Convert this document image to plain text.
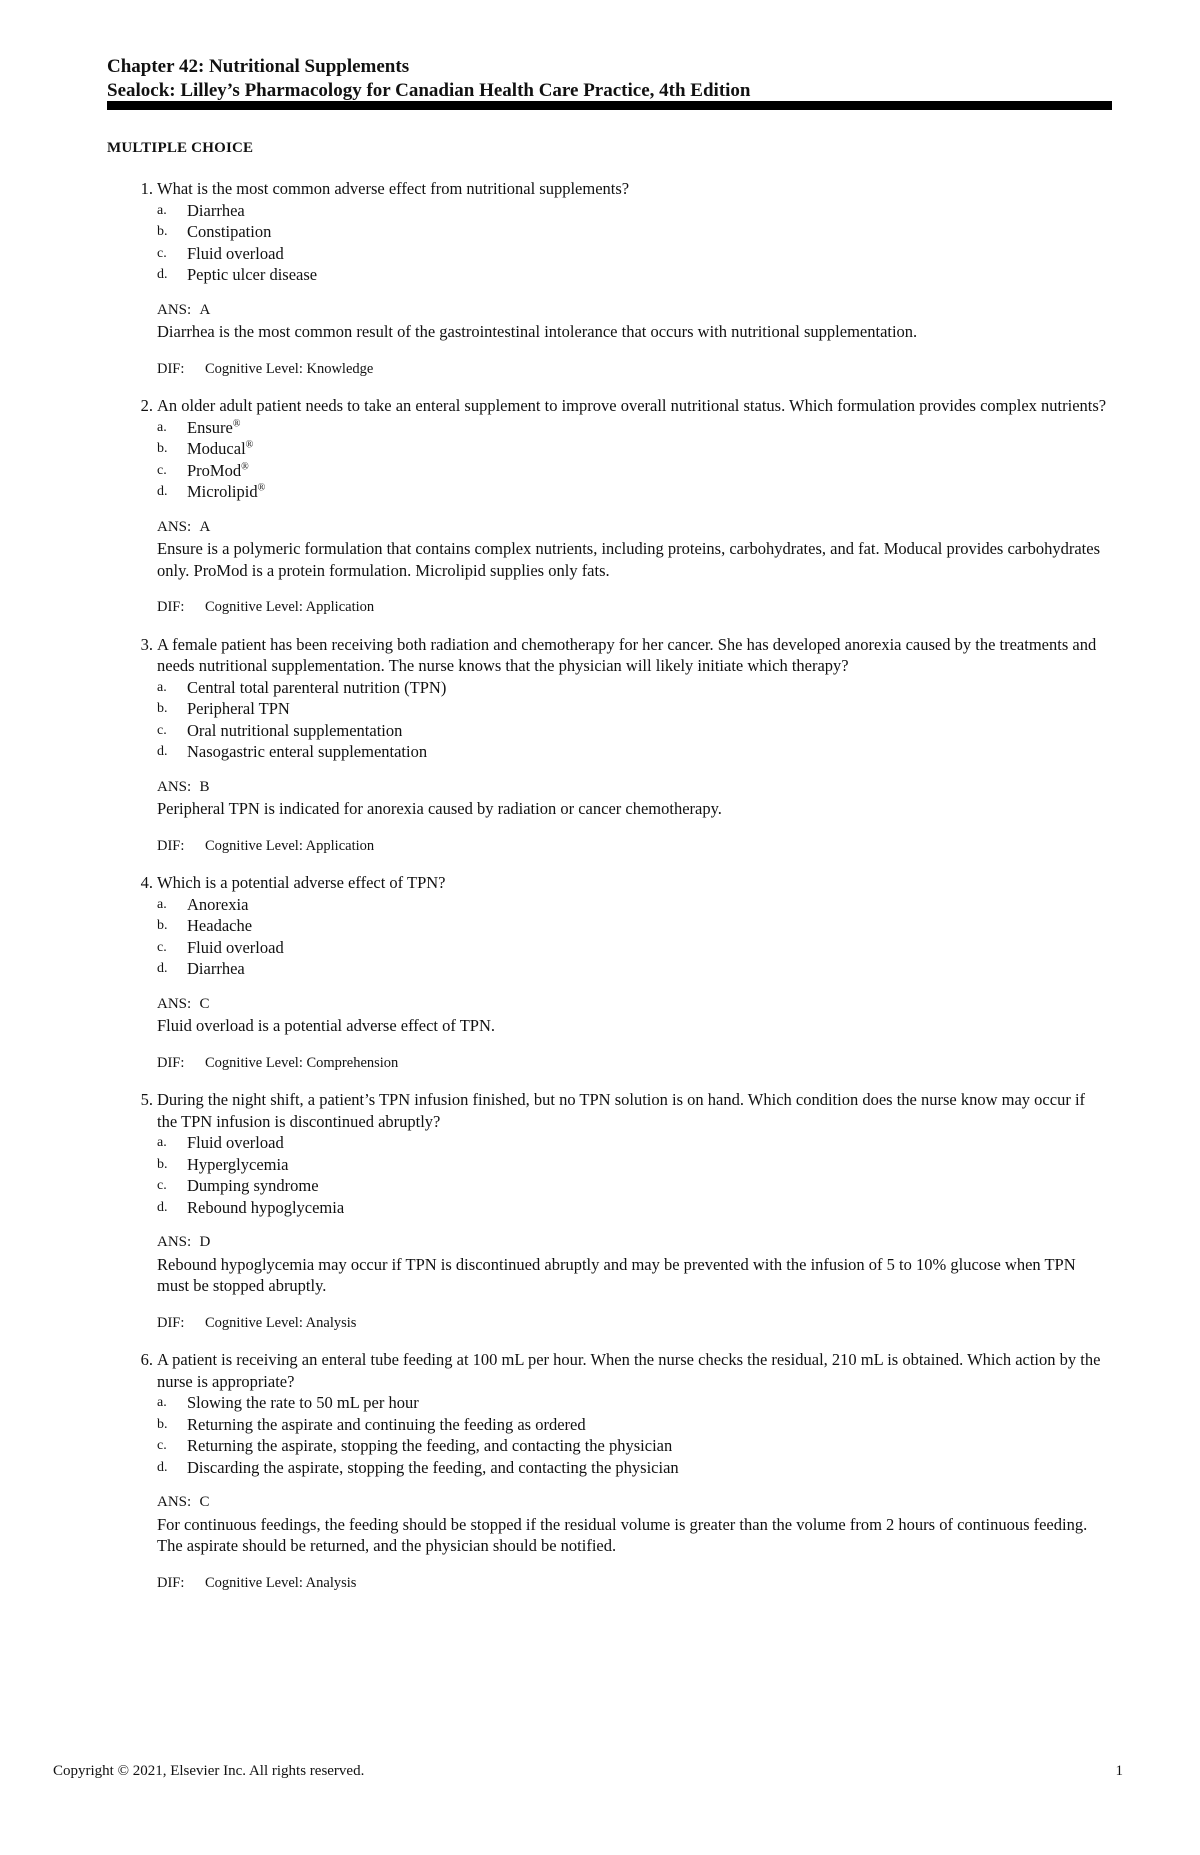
Chapter 42: Nutritional Supplements

Sealock: Lilley’s Pharmacology for Canadian Health Care Practice, 4th Edition

MULTIPLE CHOICE
1. What is the most common adverse effect from nutritional supplements?
a. Diarrhea
b. Constipation
c. Fluid overload
d. Peptic ulcer disease
ANS: A
Diarrhea is the most common result of the gastrointestinal intolerance that occurs with nutritional supplementation.
DIF: Cognitive Level: Knowledge
2. An older adult patient needs to take an enteral supplement to improve overall nutritional status. Which formulation provides complex nutrients?
a. Ensure®
b. Moducal®
c. ProMod®
d. Microlipid®
ANS: A
Ensure is a polymeric formulation that contains complex nutrients, including proteins, carbohydrates, and fat. Moducal provides carbohydrates only. ProMod is a protein formulation. Microlipid supplies only fats.
DIF: Cognitive Level: Application
3. A female patient has been receiving both radiation and chemotherapy for her cancer. She has developed anorexia caused by the treatments and needs nutritional supplementation. The nurse knows that the physician will likely initiate which therapy?
a. Central total parenteral nutrition (TPN)
b. Peripheral TPN
c. Oral nutritional supplementation
d. Nasogastric enteral supplementation
ANS: B
Peripheral TPN is indicated for anorexia caused by radiation or cancer chemotherapy.
DIF: Cognitive Level: Application
4. Which is a potential adverse effect of TPN?
a. Anorexia
b. Headache
c. Fluid overload
d. Diarrhea
ANS: C
Fluid overload is a potential adverse effect of TPN.
DIF: Cognitive Level: Comprehension
5. During the night shift, a patient’s TPN infusion finished, but no TPN solution is on hand. Which condition does the nurse know may occur if the TPN infusion is discontinued abruptly?
a. Fluid overload
b. Hyperglycemia
c. Dumping syndrome
d. Rebound hypoglycemia
ANS: D
Rebound hypoglycemia may occur if TPN is discontinued abruptly and may be prevented with the infusion of 5 to 10% glucose when TPN must be stopped abruptly.
DIF: Cognitive Level: Analysis
6. A patient is receiving an enteral tube feeding at 100 mL per hour. When the nurse checks the residual, 210 mL is obtained. Which action by the nurse is appropriate?
a. Slowing the rate to 50 mL per hour
b. Returning the aspirate and continuing the feeding as ordered
c. Returning the aspirate, stopping the feeding, and contacting the physician
d. Discarding the aspirate, stopping the feeding, and contacting the physician
ANS: C
For continuous feedings, the feeding should be stopped if the residual volume is greater than the volume from 2 hours of continuous feeding. The aspirate should be returned, and the physician should be notified.
DIF: Cognitive Level: Analysis
Copyright © 2021, Elsevier Inc. All rights reserved.	1
